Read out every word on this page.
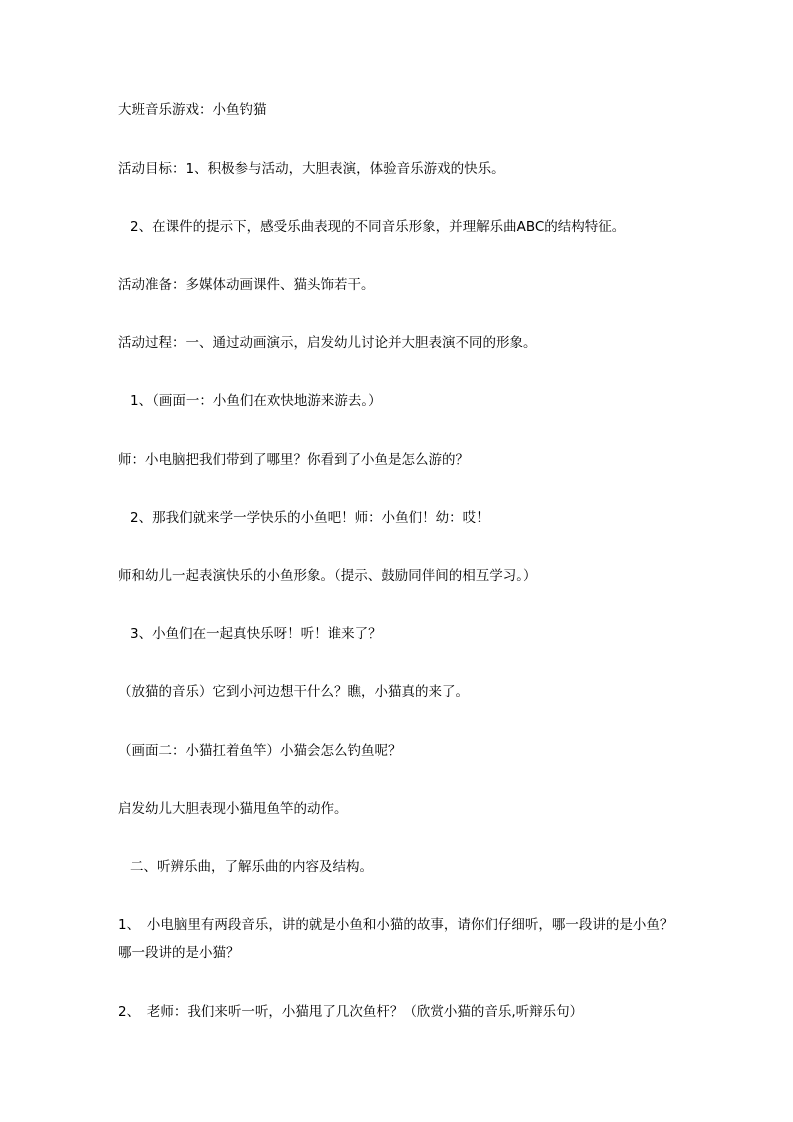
大班音乐游戏：小鱼钓猫
活动目标：1、积极参与活动，大胆表演，体验音乐游戏的快乐。
2、在课件的提示下，感受乐曲表现的不同音乐形象，并理解乐曲ABC的结构特征。
活动准备：多媒体动画课件、猫头饰若干。
活动过程：一、通过动画演示，启发幼儿讨论并大胆表演不同的形象。
1、（画面一：小鱼们在欢快地游来游去。）
师：小电脑把我们带到了哪里？你看到了小鱼是怎么游的？
2、那我们就来学一学快乐的小鱼吧！师：小鱼们！幼：哎！
师和幼儿一起表演快乐的小鱼形象。（提示、鼓励同伴间的相互学习。）
3、小鱼们在一起真快乐呀！听！谁来了？
（放猫的音乐）它到小河边想干什么？瞧，小猫真的来了。
（画面二：小猫扛着鱼竿）小猫会怎么钓鱼呢？
启发幼儿大胆表现小猫甩鱼竿的动作。
二、听辨乐曲，了解乐曲的内容及结构。
1、　小电脑里有两段音乐，讲的就是小鱼和小猫的故事，请你们仔细听，哪一段讲的是小鱼？哪一段讲的是小猫？
2、　老师：我们来听一听，小猫甩了几次鱼杆？（欣赏小猫的音乐,听辩乐句）
